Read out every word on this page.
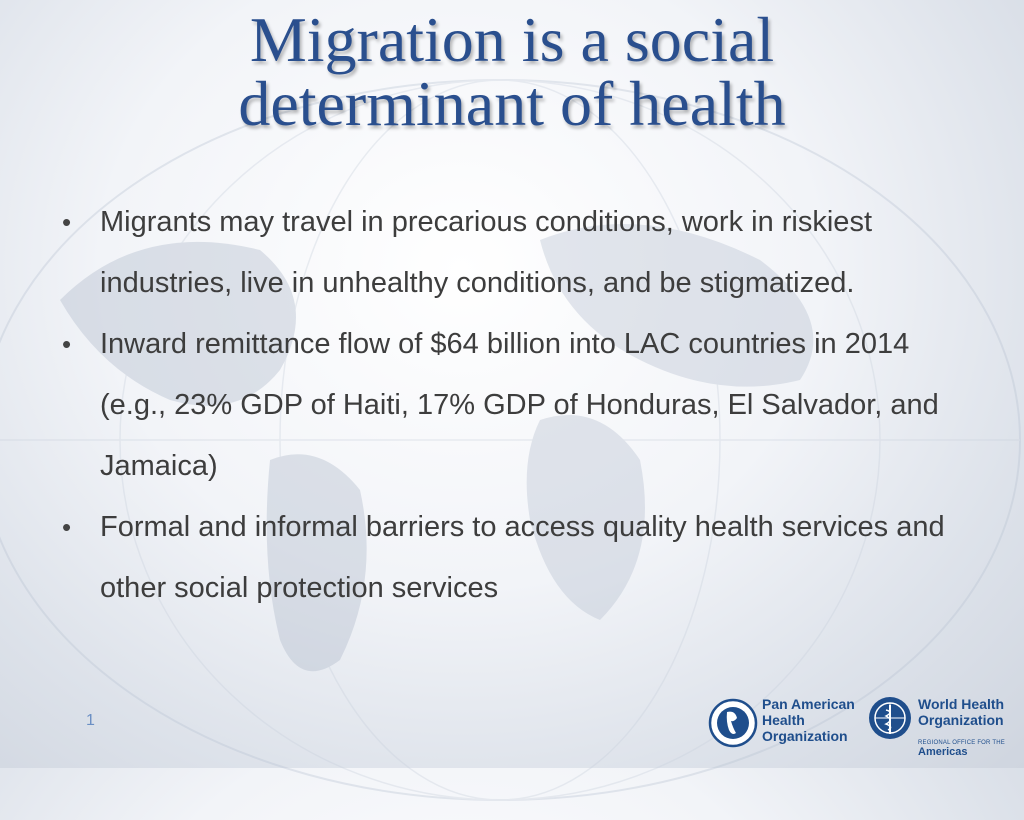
Migration is a social
determinant of health
• Migrants may travel in precarious conditions, work in riskiest industries, live in unhealthy conditions, and be stigmatized.
• Inward remittance flow of $64 billion into LAC countries in 2014 (e.g., 23% GDP of Haiti, 17% GDP of Honduras, El Salvador, and Jamaica)
• Formal and informal barriers to access quality health services and other social protection services
1
Pan American
Health
Organization
World Health
Organization
REGIONAL OFFICE FOR THE
Americas
